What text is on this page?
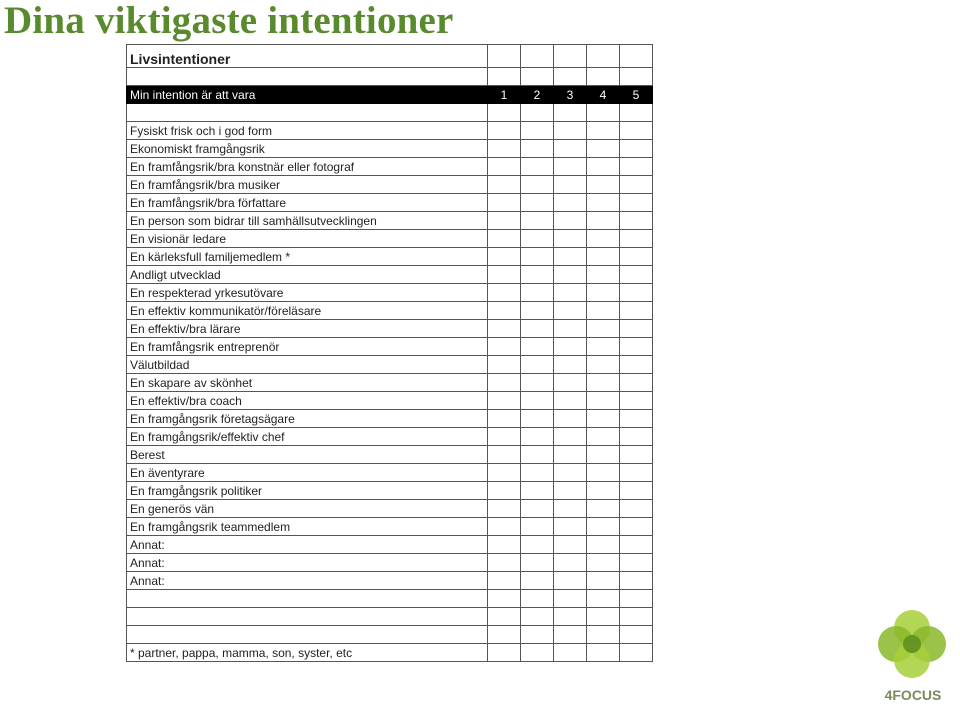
Dina viktigaste intentioner
Livsintentioner					

Min intention är att vara	1	2	3	4	5

Fysiskt frisk och i god form					
Ekonomiskt framgångsrik					
En framfångsrik/bra konstnär eller fotograf					
En framfångsrik/bra musiker					
En framfångsrik/bra författare					
En person som bidrar till samhällsutvecklingen					
En visionär ledare					
En kärleksfull familjemedlem *					
Andligt utvecklad					
En respekterad yrkesutövare					
En effektiv kommunikatör/föreläsare					
En effektiv/bra lärare					
En framfångsrik entreprenör					
Välutbildad					
En skapare av skönhet					
En effektiv/bra coach					
En framgångsrik företagsägare					
En framgångsrik/effektiv chef					
Berest					
En äventyrare					
En framgångsrik politiker					
En generös vän					
En framgångsrik teammedlem					
Annat:					
Annat:					
Annat:					

* partner, pappa, mamma, son, syster, etc					
4FOCUS
